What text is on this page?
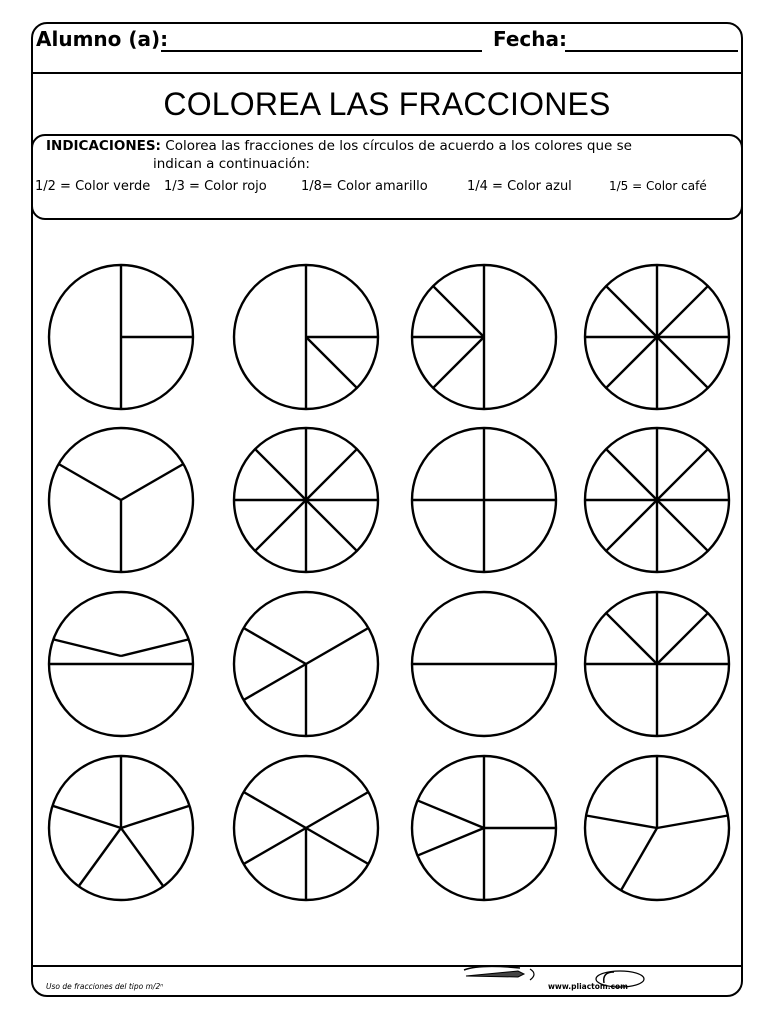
Alumno (a):	Fecha:
COLOREA LAS FRACCIONES
INDICACIONES: Colorea las fracciones de los círculos de acuerdo a los colores que se
indican a continuación:
1/2 = Color verde 1/3 = Color rojo	1/8= Color amarillo	1/4 = Color azul	1/5 = Color café
Uso de fracciones del tipo m/2ⁿ	www.pliactom.com
